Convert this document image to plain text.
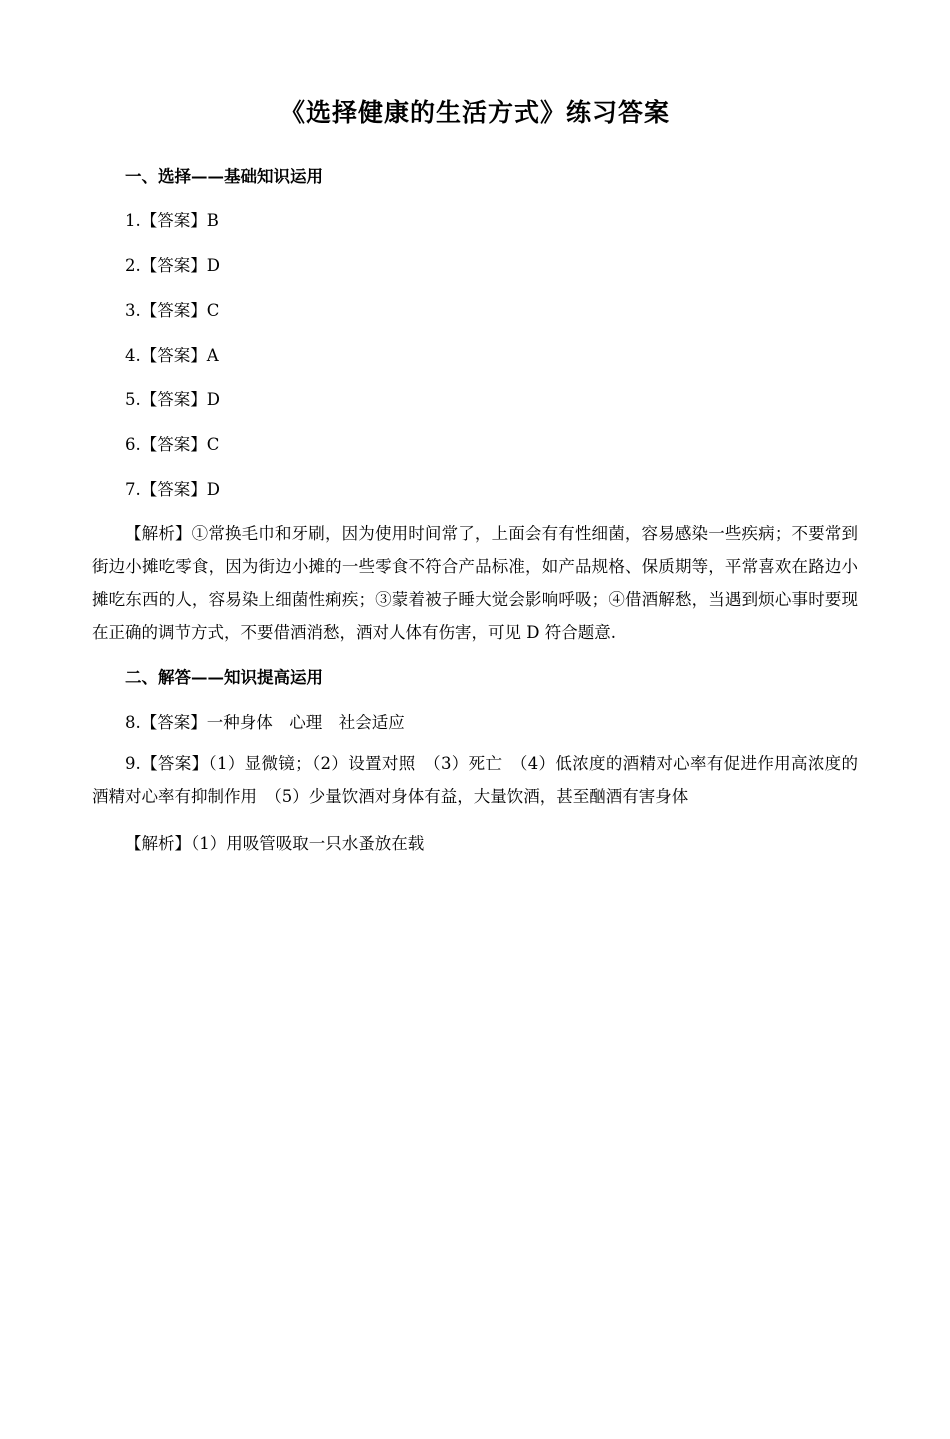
《选择健康的生活方式》练习答案
一、选择——基础知识运用
1.【答案】B
2.【答案】D
3.【答案】C
4.【答案】A
5.【答案】D
6.【答案】C
7.【答案】D
【解析】①常换毛巾和牙刷，因为使用时间常了，上面会有有性细菌，容易感染一些疾病；不要常到街边小摊吃零食，因为街边小摊的一些零食不符合产品标准，如产品规格、保质期等，平常喜欢在路边小摊吃东西的人，容易染上细菌性痢疾；③蒙着被子睡大觉会影响呼吸；④借酒解愁，当遇到烦心事时要现在正确的调节方式，不要借酒消愁，酒对人体有伤害，可见 D 符合题意.
二、解答——知识提高运用
8.【答案】一种身体　心理　社会适应
9.【答案】（1）显微镜；（2）设置对照　（3）死亡　（4）低浓度的酒精对心率有促进作用高浓度的酒精对心率有抑制作用　（5）少量饮酒对身体有益，大量饮酒，甚至酗酒有害身体
【解析】（1）用吸管吸取一只水蚤放在载
